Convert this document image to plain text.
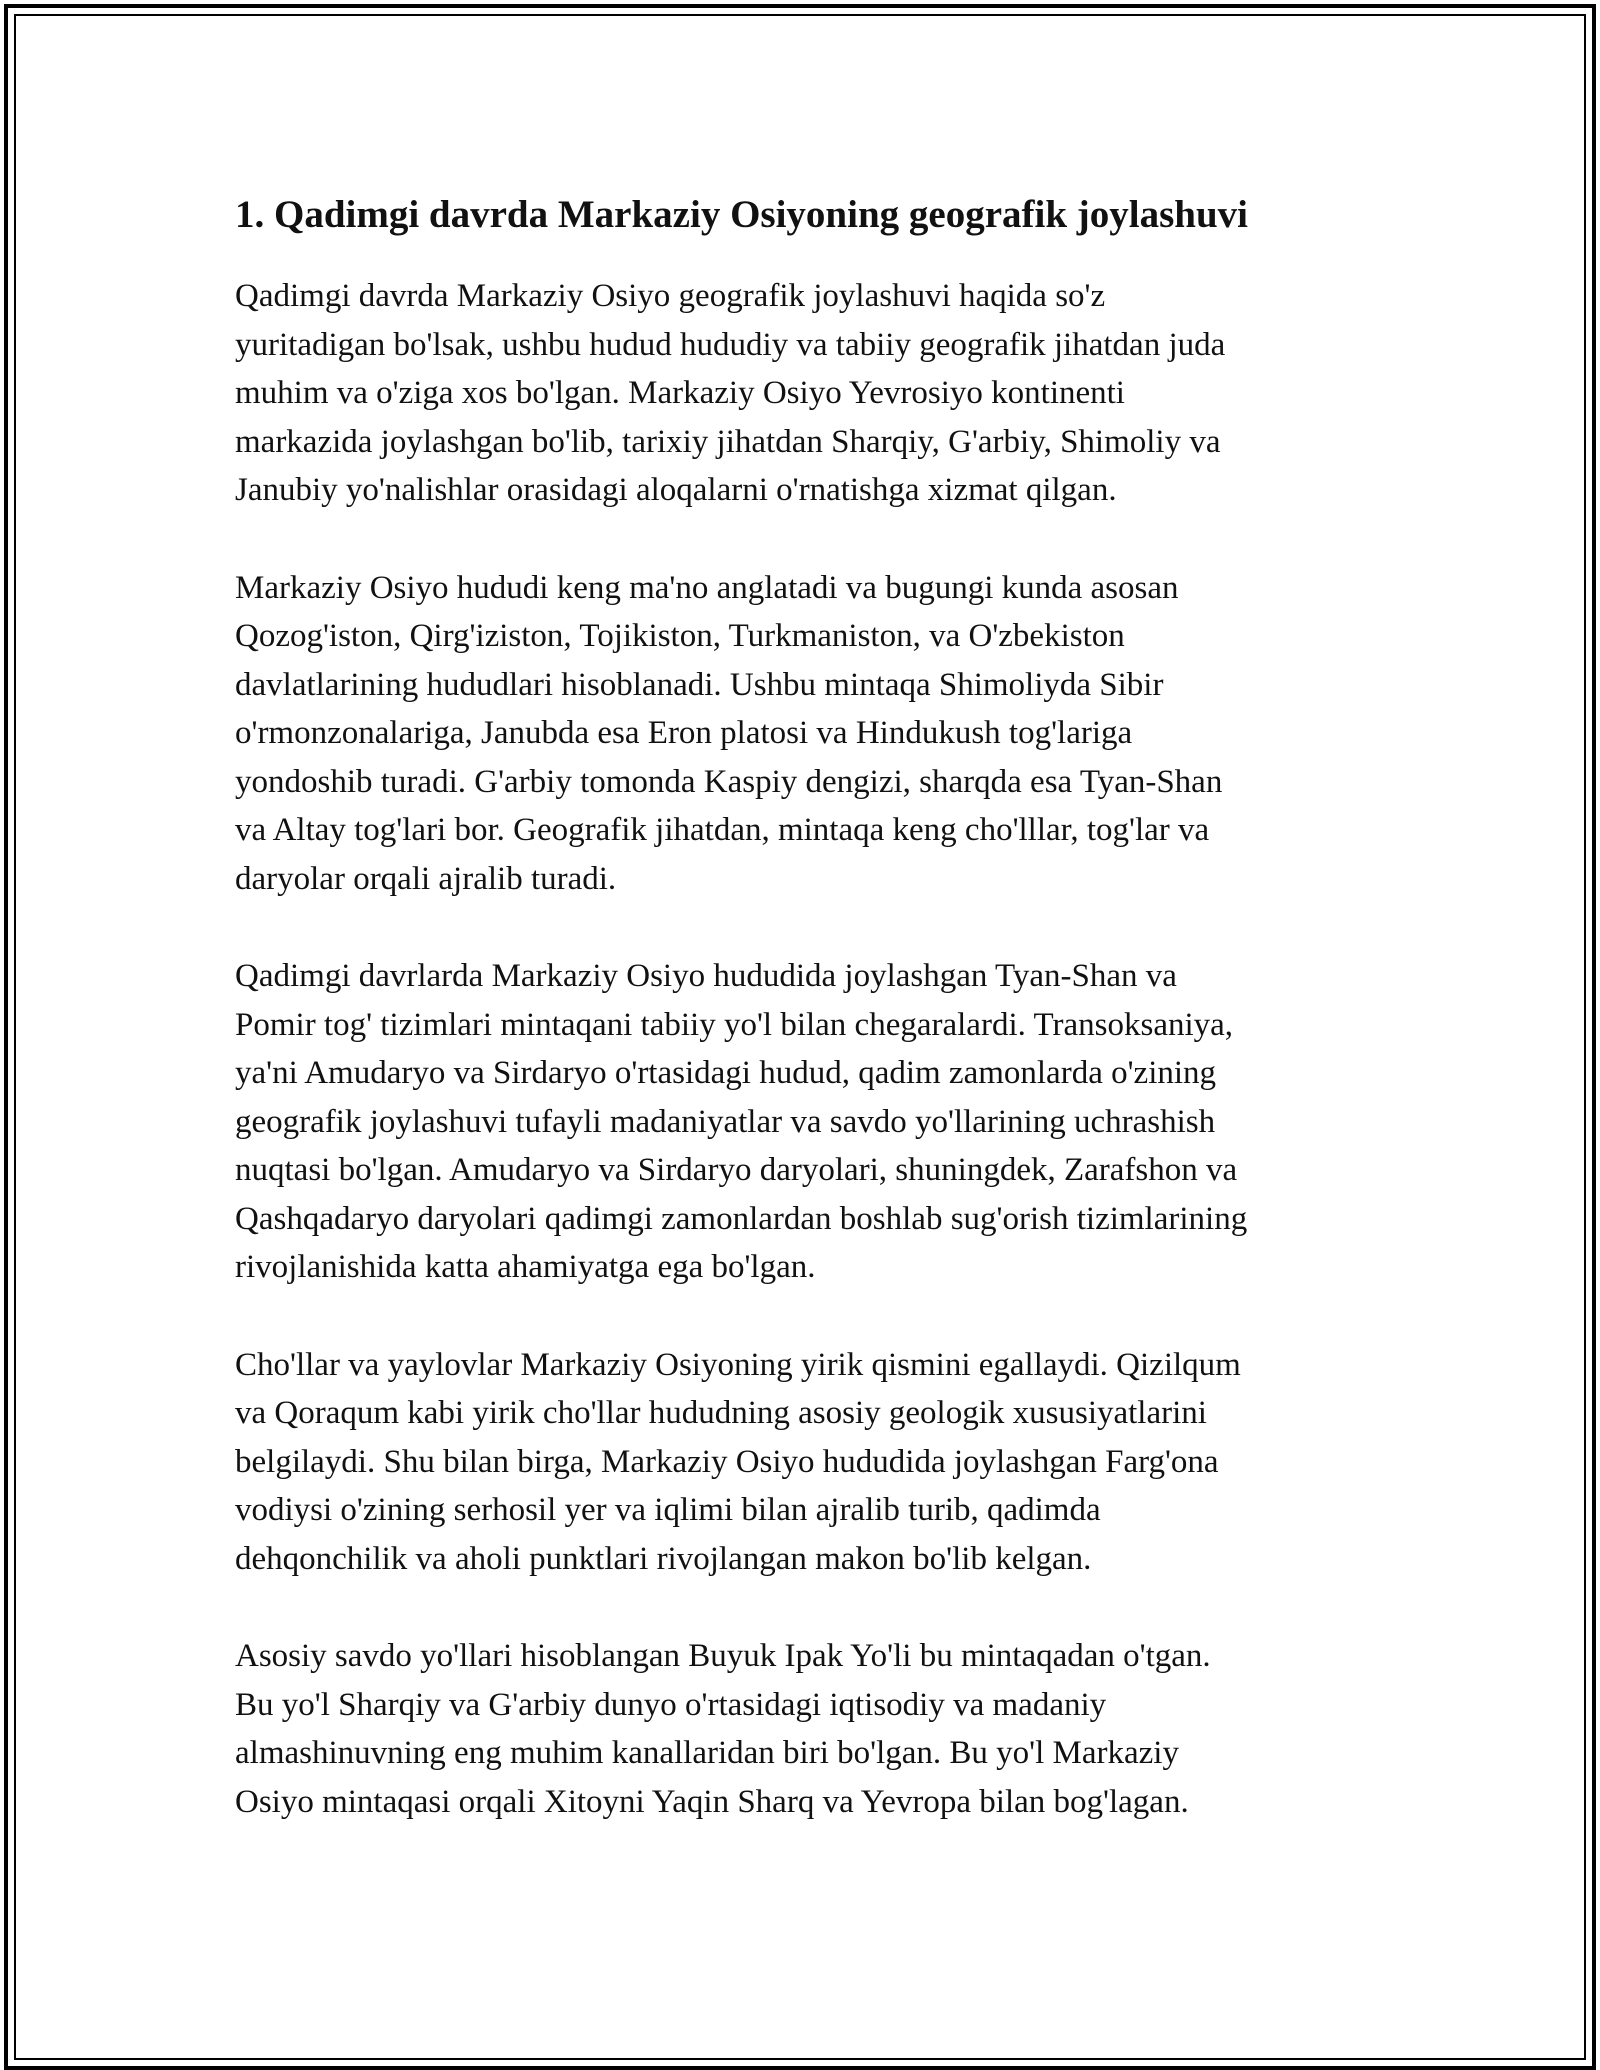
1. Qadimgi davrda Markaziy Osiyoning geografik joylashuvi

Qadimgi davrda Markaziy Osiyo geografik joylashuvi haqida so'z
yuritadigan bo'lsak, ushbu hudud hududiy va tabiiy geografik jihatdan juda
muhim va o'ziga xos bo'lgan. Markaziy Osiyo Yevrosiyo kontinenti
markazida joylashgan bo'lib, tarixiy jihatdan Sharqiy, G'arbiy, Shimoliy va
Janubiy yo'nalishlar orasidagi aloqalarni o'rnatishga xizmat qilgan.

Markaziy Osiyo hududi keng ma'no anglatadi va bugungi kunda asosan
Qozog'iston, Qirg'iziston, Tojikiston, Turkmaniston, va O'zbekiston
davlatlarining hududlari hisoblanadi. Ushbu mintaqa Shimoliyda Sibir
o'rmonzonalariga, Janubda esa Eron platosi va Hindukush tog'lariga
yondoshib turadi. G'arbiy tomonda Kaspiy dengizi, sharqda esa Tyan-Shan
va Altay tog'lari bor. Geografik jihatdan, mintaqa keng cho'lllar, tog'lar va
daryolar orqali ajralib turadi.

Qadimgi davrlarda Markaziy Osiyo hududida joylashgan Tyan-Shan va
Pomir tog' tizimlari mintaqani tabiiy yo'l bilan chegaralardi. Transoksaniya,
ya'ni Amudaryo va Sirdaryo o'rtasidagi hudud, qadim zamonlarda o'zining
geografik joylashuvi tufayli madaniyatlar va savdo yo'llarining uchrashish
nuqtasi bo'lgan. Amudaryo va Sirdaryo daryolari, shuningdek, Zarafshon va
Qashqadaryo daryolari qadimgi zamonlardan boshlab sug'orish tizimlarining
rivojlanishida katta ahamiyatga ega bo'lgan.

Cho'llar va yaylovlar Markaziy Osiyoning yirik qismini egallaydi. Qizilqum
va Qoraqum kabi yirik cho'llar hududning asosiy geologik xususiyatlarini
belgilaydi. Shu bilan birga, Markaziy Osiyo hududida joylashgan Farg'ona
vodiysi o'zining serhosil yer va iqlimi bilan ajralib turib, qadimda
dehqonchilik va aholi punktlari rivojlangan makon bo'lib kelgan.

Asosiy savdo yo'llari hisoblangan Buyuk Ipak Yo'li bu mintaqadan o'tgan.
Bu yo'l Sharqiy va G'arbiy dunyo o'rtasidagi iqtisodiy va madaniy
almashinuvning eng muhim kanallaridan biri bo'lgan. Bu yo'l Markaziy
Osiyo mintaqasi orqali Xitoyni Yaqin Sharq va Yevropa bilan bog'lagan.
